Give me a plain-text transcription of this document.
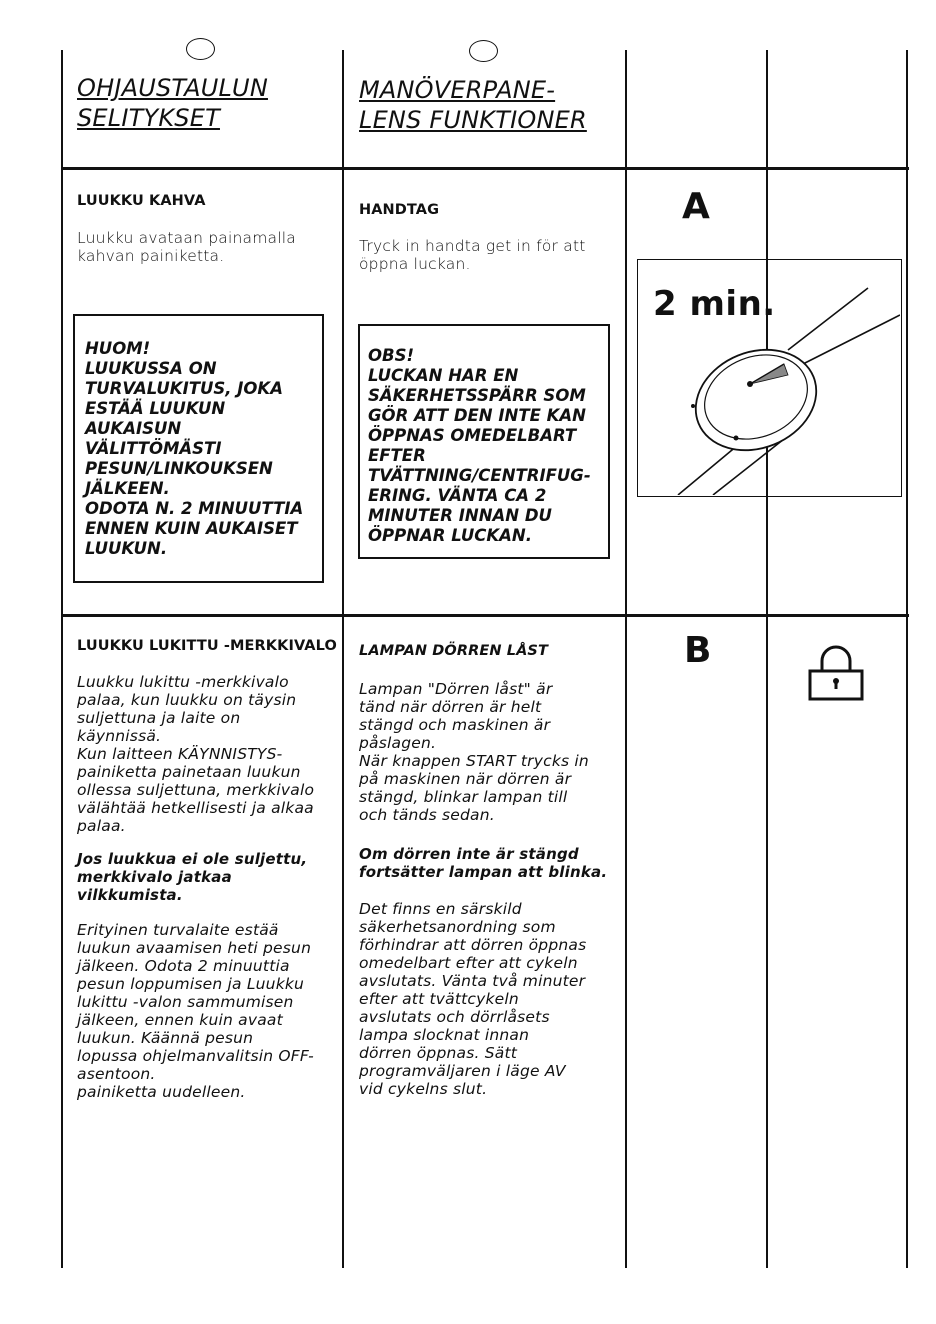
OHJAUSTAULUN
SELITYKSET
MANÖVERPANE-
LENS FUNKTIONER
LUUKKU KAHVA

Luukku avataan painamalla
kahvan painiketta.

HUOM!
LUUKUSSA ON
TURVALUKITUS, JOKA
ESTÄÄ LUUKUN
AUKAISUN
VÄLITTÖMÄSTI
PESUN/LINKOUKSEN
JÄLKEEN.
ODOTA N. 2 MINUUTTIA
ENNEN KUIN AUKAISET
LUUKUN.

HANDTAG

Tryck in handta get in för att
öppna luckan.

OBS!
LUCKAN HAR EN
SÄKERHETSSPÄRR SOM
GÖR ATT DEN INTE KAN
ÖPPNAS OMEDELBART
EFTER
TVÄTTNING/CENTRIFUG-
ERING. VÄNTA CA 2
MINUTER INNAN DU
ÖPPNAR LUCKAN.

A
2 min.
LUUKKU LUKITTU -MERKKIVALO

Luukku lukittu -merkkivalo
palaa, kun luukku on täysin
suljettuna ja laite on
käynnissä.
Kun laitteen KÄYNNISTYS-
painiketta painetaan luukun
ollessa suljettuna, merkkivalo
välähtää hetkellisesti ja alkaa
palaa.

Jos luukkua ei ole suljettu,
merkkivalo jatkaa
vilkkumista.

Erityinen turvalaite estää
luukun avaamisen heti pesun
jälkeen. Odota 2 minuuttia
pesun loppumisen ja Luukku
lukittu -valon sammumisen
jälkeen, ennen kuin avaat
luukun. Käännä pesun
lopussa ohjelmanvalitsin OFF-
asentoon.
painiketta uudelleen.

LAMPAN DÖRREN LÅST

Lampan "Dörren låst" är
tänd när dörren är helt
stängd och maskinen är
påslagen.
När knappen START trycks in
på maskinen när dörren är
stängd, blinkar lampan till
och tänds sedan.

Om dörren inte är stängd
fortsätter lampan att blinka.

Det finns en särskild
säkerhetsanordning som
förhindrar att dörren öppnas
omedelbart efter att cykeln
avslutats. Vänta två minuter
efter att tvättcykeln
avslutats och dörrlåsets
lampa slocknat innan
dörren öppnas. Sätt
programväljaren i läge AV
vid cykelns slut.

B
